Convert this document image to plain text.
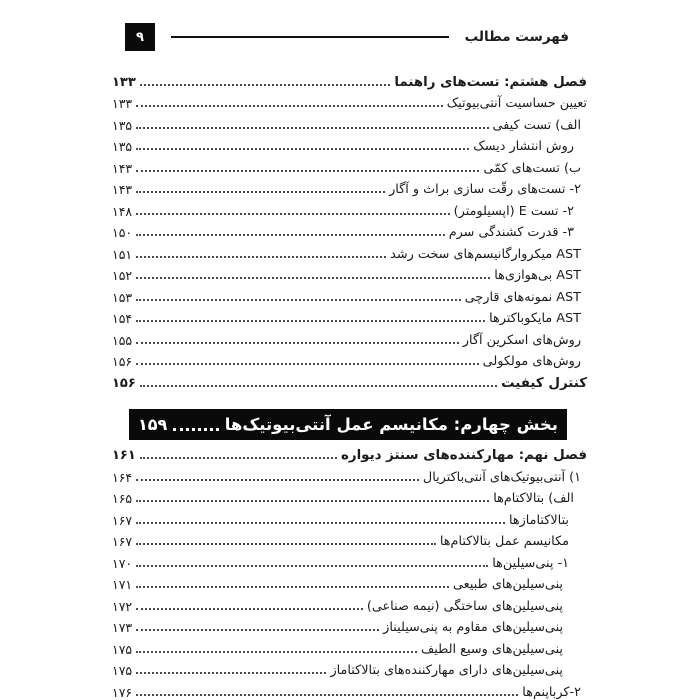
فهرست مطالب
۹
فصل هشتم: تست‌های راهنما
۱۳۳
تعیین حساسیت آنتی‌بیوتیک
۱۳۳
الف) تست کیفی
۱۳۵
روش انتشار دیسک
۱۳۵
ب) تست‌های کمّی
۱۴۳
۲- تست‌های رقّت سازی براث و آگار
۱۴۳
۲- تست E (اپسیلومتر)
۱۴۸
۳- قدرت کشندگی سرم
۱۵۰
AST میکروارگانیسم‌های سخت رشد
۱۵۱
AST بی‌هوازی‌ها
۱۵۲
AST نمونه‌های قارچی
۱۵۳
AST مایکوباکترها
۱۵۴
روش‌های اسکرین آگار
۱۵۵
روش‌های مولکولی
۱۵۶
کنترل کیفیت
۱۵۶
بخش چهارم: مکانیسم عمل آنتی‌بیوتیک‌ها
۱۵۹
فصل نهم: مهارکننده‌های سنتز دیواره
۱۶۱
۱) آنتی‌بیوتیک‌های آنتی‌باکتریال
۱۶۴
الف) بتالاکتام‌ها
۱۶۵
بتالاکتامازها
۱۶۷
مکانیسم عمل بتالاکتام‌ها
۱۶۷
۱- پنی‌سیلین‌ها
۱۷۰
پنی‌سیلین‌های طبیعی
۱۷۱
پنی‌سیلین‌های ساختگی (نیمه صناعی)
۱۷۲
پنی‌سیلین‌های مقاوم به پنی‌سیلیناز
۱۷۳
پنی‌سیلین‌های وسیع الطیف
۱۷۵
پنی‌سیلین‌های دارای مهارکننده‌های بتالاکتاماز
۱۷۵
۲-کرباپنم‌ها
۱۷۶
